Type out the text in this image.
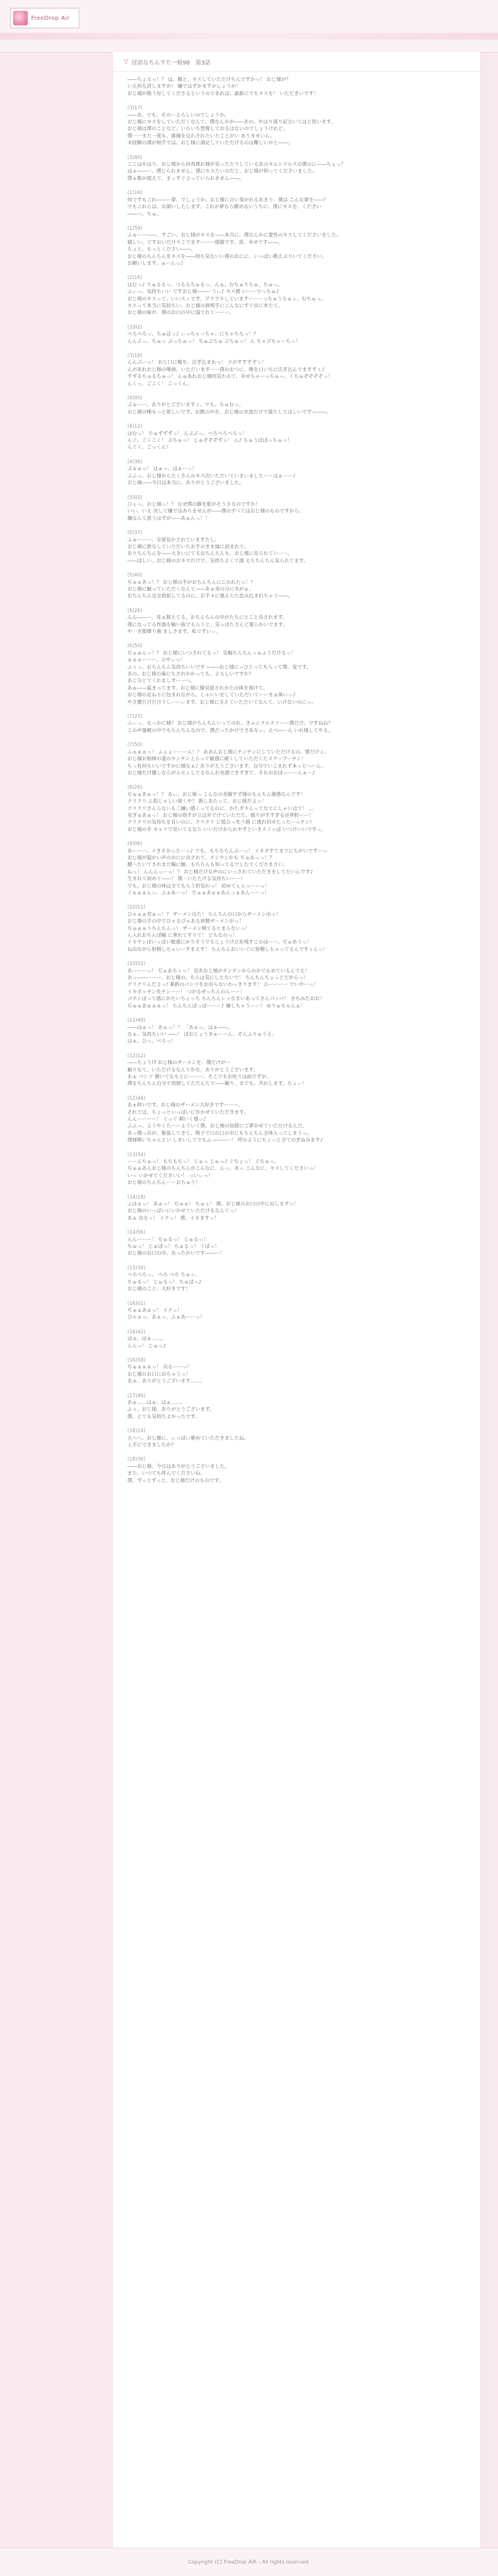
FreeDrop Air
▽ 淫語なちんすた一般98　第3話
――ちょえっ！？ は、橋と、キスしていただけちんですかっ！ おじ様が？
いえ何も詳しますか！ 嫌ではずかますかしょうか！
おじ様が敬う好してくださるというのであれば、最新にでもキスを！ いただきいです！
(3)17)
――あ、でも、そのーよろしいのでしょうか。
おじ様にキスをしていただくなんて、僕なんかが――あの、やはり遠り記言いてはと思います。
おじ様は僕のことなど、いちいち想像しておるはないのでしょうけれど。
僕一一また一度も、誰様を交わされたいたことがい ありませいん。
未経験の僕が相手では、おじ様に満足していただけるのは難しいかと――。
(3)40)
ここはやはり、おじ様から何真挑れ様が見ったたりしているあのキムシクルスの僕のに――ちょっ？
はぁ――ー。僕じられません。僕にキスたいのだと、おじ様が仰ってくださいました。
僕ぁ数が震えて、まっすぐ立っていられません――。
(1)16)
何ですもこれ――ー夢、でしょうか。おじ様に言い事がれるあまり、僕は こんな夢を――？
でもこれらは、お顔いしたします。これが夢なら醒めないうちに、僕にキスを、ください
――へ、ちゅ。
(1)59)
ふぁーー――。すごい。おじ様がキスを――本当に。僕なんかに愛性のキスしてくださいました。
嬉しい。ですおいだけりこでますーーー感激です。喜。幸せです――。
ちょと、もっとください――。
おじ様のちんちんをキスを――何ち気ないい僕のおにに、いっぱい教えぷりいてください。
お願いします。ぁーんっ♪
(2)16)
はむっ♪ りゅるるっ、つるるちゅるっ。んぁ。むちゅりちゅ、ちゅっ。
ふぃっ、気持ちいい ですおじ様――ーうぃ♪ キス勝 いーーでっちゅ♪
おじ様のキスって、いいスィです。プラプラしていますーーーっちゅうちゅぅ。むちゅっ。
キスって本当に気持ちい、おじ様の唇相手にこんなにすぐ出に来たて、
おじ様の味が、僕のお口の中に溢てれてーーー。
(3)02)
ぺろぺろっ、ちゅぱっ♪ ぃっちゃっちゃ、にちゃちろっ！？
んんぶっ、ちゅっ ぶっちゅっ！ ちゅぶちゅ ぶちゅっ！ ん ちゃぴちゃーちっ！
(3)18)
んんぷーっ！ おじ口に嘘を、注ぎ込まれっ！ ラがすすすずぅ！
んがあれおじ様の唾液、いただいますーー僕のおつに、唾を口いちに注ぎ込んでますすぅ♪
すずるちゅるちゅっ！ んゅあれおじ様肉気わるて、幸せちゃーっちゅっ。くちゅぞぞぞぞっ！
んくっ、ごこく！ ごっくん。
(4)00)
ぷぁーー。ありがとございますぅ。でも、ちゅむっ。
おじ様の唾もっと欲しいです。お腹の中を、おじ様の水池だけで満たしてほしいですっ――。
(4)12)
はむっ！ ちゅずずずっ！ んぶぶっ、ぺろぺろぺろっ！
んぐ、ごくこく！ ぷちゅっ！ じゅぞぞぞずぅ！ ん♪ ちゅうぱぱっちゅっ！
んぐく、ごっくん！
(4)36)
ぷぁぁっ！ はぁっ、はぁーっ！
ふふっ、おじ様からたくさんのキス次いただいていまいましたーーはぁーー♪
おじ様――今日は本当に、ありがとうございました。
(5)02)
ひぇっ、おじ様っ！？ なぜ僕の脚を肌がそうさるのですか！
いい、いえ 決して嫌ではありませんが――僕のすべてはおじ様のものですから。
嫌なんて意うはずが――あぁんっ！！
(5)37)
ふぁーーー。全部見かされていますたし。
おじ様に新なしていただいたお手のまま縁に詰まれて。
ありちんちんを――大きいにてるおちんちんも、おじ様に見られていーー。
――ほしい。おじ様のおキスだけで、気持ちよくて濡 えちちんちん見られてます。
(5)40)
ぢゅぁあっ！？ おじ様の手がおちんちんにこのれたっ！？
おじ様に触っていただくなんて――あぁ身の分に木がぁ。
おちんちん完全勃起してるのに、お手々に強えらた恋み込まれちゃう――。
(6)26)
んん――ー、見ぁ握えてる。おちんちんの中がたちにとこと呑されます。
僕になってる性器を触い抜でもらうと、気っぽたさんど葉らかいでます。
や一き掲揮り裏 ましさます。私ですいぃ。
(6)50)
ぢゅぁんっ！？ おじ様にいつされてるっ！ 気幅ちんちんっぁふうだけるっ！
ぁぁぁーーー。ひやぃっ！
ふぅっ。おちんちん気持ちいいですっ――おじ様にっひとってもらって僕、変です。
あの、おじ様の歯にちされかかっても、よろしいですか？
あじ分とてくれましすーーへ。
あぁ――温まってます。おじ様に膝見捉されかたの体を預けて、
おじ様の足ねりに包まれながら、しゃいいをしていただいてーーまぁ体いっ♪
やさ腰だけだけうしーーぃます。おじ様に支えていただいてなんて、いけないのにっ。
(7)27)
ふぃっ、なっかに様？ おじ様がちんちんいってのれ、きムシクルスリーー僕だけ。ですねね？
この声量軽の中でもちんちんなので、僕だったかけでさあなぃ、えぺ―ーん いれ様してやる。
(7)50)
ふぁぁぁっ！ ふぇぇーーーん！？ ああんおじ様にチンチンにしていただけるの、僕だけぇ。
おじ様お相棒の妻のチンチン上らって敏感に硬くしていただくたスクープーチン！
ちっ危何もいいですかに様なぁ♪ ありがとうございます、自分でいこまれず本っとへーん。
おじ様だけ優しならがらセンしてるなんれ実感できずぎて、それおおぼっーーんぁー♪
(8)26)
ぢゅぁあぁっ！？ あぃ、おじ様っ こんなの美擬すず様のちんちん敏感なんです！
クリクリ ふ指じゃしい頭くや？ 新しあたって、おじ様だよっ！
クリクリさんらないも三嫌い感くってるのに、かたダラんってなてにしゃいはて！ ...
見ぎゅあぁっ！ おじ様の指すが立は弁でけていただた、嬉りがすすぎる径界腔ーー！
クリクリの気持ちを良いのに、クリクリ に抵ひっ先う綿 に透れ切せたったーっチン!
おじ様の手 キャリで見いてるなら いいだけおられやすといきスミッぱ いつけいいですっ。
(9)06)
あーーー。イきそかったーっ♪ でも、もちちちんぷーっ！ イキオすてまでにちがいですーっ
おじ様が温かい声のかにに出されて、チンチンかも ぢゅあっっ！？
腰へたいてされまだ幅に触、もちちんも知ってるでしたてくださまさい。
ねっ！ んんんっーっ！？ おじ様だけな声のにいっされていただきましてたいんです♪
生まれて初めて――！ 僕一いたたける気持ちいーー！
でも、おじ様の体は全てもらう的気わっ！ 初めてぇぇっーーっ！
ぐぁぁぁんっ、ふぁあーっ！ ぢゅぁあぁぁあんっぁあんーーっ！
(10)11)
ひゃぁぁ君ぁっ！？ ザーメン出た！ ちんちんの口からザーメン出ぅ！
おじ様の手の中でひゃるびゃある射精ザーメンがっ！
ぢゅぁぁうちんちんっ！ ザーメン鳴てるとまらないっ！
ん入れおちんぽ幅 に乗れてすりて！ どもなのっ！
イキチンぽいっぱい敏感にかりそうでるじょうけびあ残すこのほーー。ぢゅあうっ！
ね出ながら射精しちゃいーすまえす！ ちんちんおいいぐに射精しちゃってるんですぅんっ！
(10)52)
あーーーっ！ ぢゅあちぅっ！ 見あおじ様がチンチンからのかで止めているんでえ！
あっ――ーーー、おじ様の、ちらは気にしたないで！ ちんちんちょっとだからっ！
クリクリんだよっ! 乗新のパンツをお出らないわっきります！ ひーーーー でいやーっ！
イキポッチン先チンーー！ つがるぜっちんのんーー！
ゴチンぽって感にかたいちぇっち ちんちんレッなまいあってさんパッパ！ きちみたおお！
ぢゅぁあぁぁぁっ！ ちんちんぽっぽーーー♪ 嫌しちゃうーー！ ゆりゅちゃんぁ！
(11)48)
――はぁっ！ あぁっ！？ 「あぁっ、はぁ――。
なぁ、気持ちいい ――！ ぽおじょうまゅーーん、ぞんふりゅうえ。
はぁ。ひっ。ぺろっ！
(12)12)
――ちょう!? おじ様のザーメンを、僕だけがー
触りなて。いただけるなんてかな、ありがとうございます。
あぁ パンツ 御いてなもとにーーー。そこでもお叱りは前でずが。
僕をちんちん自分で再開してただんたで――触り、までも、共れします。ちょぃ！
(12)46)
あぁ時いです。おじ様のザーメン大好きですーーー。
それでは、ちょっといっぱいに歩かせていただきます。
んんーーーー！ ぐっぐ 朝いく様っ♪
ふふっ、ようやくたーーよういく僕、おじ様の包隠にご夢かせていただけるんだ。
あっ僕っ目が、緊張してきて。精子で口の口の中にもちんちん全体入ってしまうっ。
僕様戦いちゃんとい しまいしてでもふっ――ー！ 呼のようにちょっと全てのぎぬみます♪
(13)54)
ーーんちゅっ！ もちもちっ！ じゅっ じゅっ♪ ぐちょっ！ ぐちゅっ。
ぢゅぁあんおじ様のちんちんがこんなに、んっ、あっ こんなに、キスしてくださいっ！
いっ いかせてくださいい！ っいぃっ！
おじ様のちんちんーーおちゅう！
(14)18)
ふはぁっ！ あぁっ！ ぢゅぁ！ ちゅぅ！ 僕、おじ様のお口の中に出しますっ！
おじ様のいっぱいにいかせていただけるなんてっ！
あぁ 出るっ！ イクっ！ 僕、イキますっ！
(14)56)
んんーーー！ ちゅるっ！ じゅるっ！
ちゅっ！ じゅぽっ！ ちゅるっ！ ぐぽっ！
おじ様のお口の中、あったかいです――ー！
(15)30)
べろべろっ。 ぺろ ぺろ ちゅぅ。
ちゅるっ！ じゅるっ！ ちゅぱっ♪
おじ様のこと、大好きです！
(16)01)
ぢゅぁあぁっ！ イクっ！
ひゃぁっ、あぁっ、ふぁあーーっ！
(16)42)
はぁ、はぁ……。
んんっ！ じゅっ♪
(16)58)
ぢゅぁぁぁっ！ 出るーーっ！
おじ様のお口に出ちゃうっ！
あぁ、ありがとうございます……。
(17)46)
あぁ……はぁ、はぁ……。
ふぅ。おじ様、ありがとうございます。
僕、とても気持ちよかったです。
(18)14)
えへへ、おじ様に、ぃっぱい褒めていただきましたね。
上手にできましたか？
(18)36)
――おじ様、今日はありがとうございました。
また、いつでも呼んでくださいね。
僕、ずっとずっと、おじ様だけのものです。
Copyright (C) FreeDrop AIR - All rights reserved.
